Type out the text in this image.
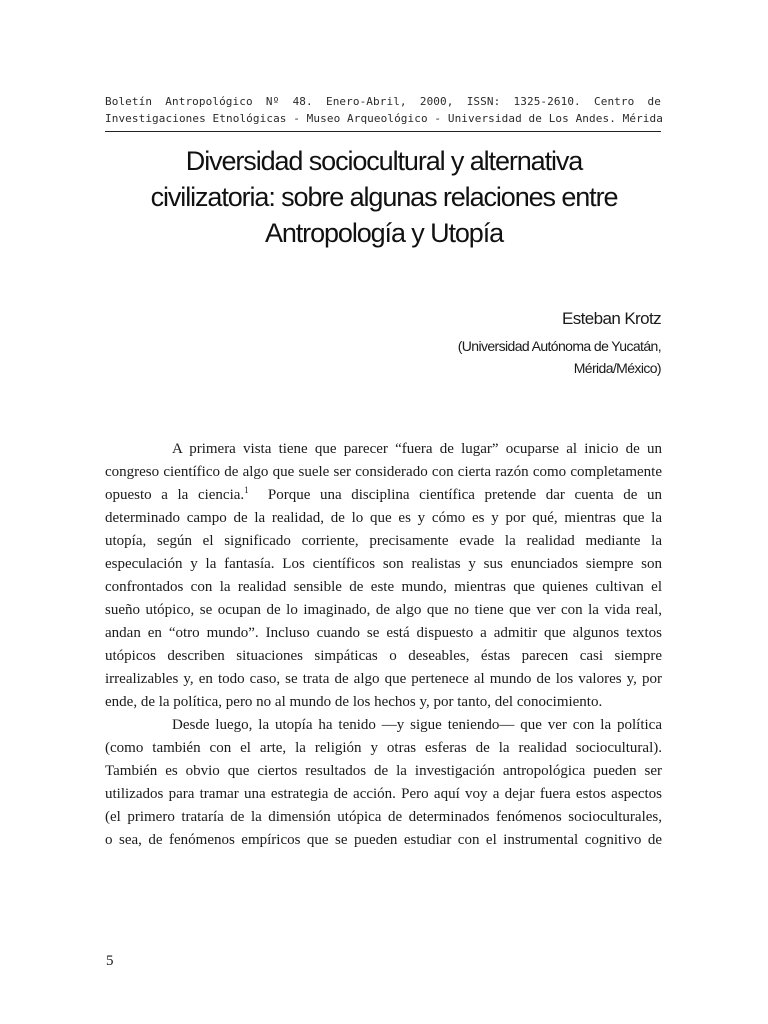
Boletín Antropológico Nº 48. Enero-Abril, 2000, ISSN: 1325-2610. Centro de
Investigaciones Etnológicas - Museo Arqueológico - Universidad de Los Andes. Mérida
Diversidad sociocultural y alternativa
civilizatoria: sobre algunas relaciones entre
Antropología y Utopía
Esteban Krotz
(Universidad Autónoma de Yucatán,
Mérida/México)

A primera vista tiene que parecer “fuera de lugar” ocuparse al inicio de un
congreso científico de algo que suele ser considerado con cierta razón como completamente
opuesto a la ciencia.$^1$ Porque una disciplina científica pretende dar cuenta de un
determinado campo de la realidad, de lo que es y cómo es y por qué, mientras que la
utopía, según el significado corriente, precisamente evade la realidad mediante la
especulación y la fantasía. Los científicos son realistas y sus enunciados siempre son
confrontados con la realidad sensible de este mundo, mientras que quienes cultivan el
sueño utópico, se ocupan de lo imaginado, de algo que no tiene que ver con la vida real,
andan en “otro mundo”. Incluso cuando se está dispuesto a admitir que algunos textos
utópicos describen situaciones simpáticas o deseables, éstas parecen casi siempre
irrealizables y, en todo caso, se trata de algo que pertenece al mundo de los valores y, por
ende, de la política, pero no al mundo de los hechos y, por tanto, del conocimiento.

Desde luego, la utopía ha tenido —y sigue teniendo— que ver con la política
(como también con el arte, la religión y otras esferas de la realidad sociocultural).
También es obvio que ciertos resultados de la investigación antropológica pueden ser
utilizados para tramar una estrategia de acción. Pero aquí voy a dejar fuera estos aspectos
(el primero trataría de la dimensión utópica de determinados fenómenos socioculturales,
o sea, de fenómenos empíricos que se pueden estudiar con el instrumental cognitivo de

5
